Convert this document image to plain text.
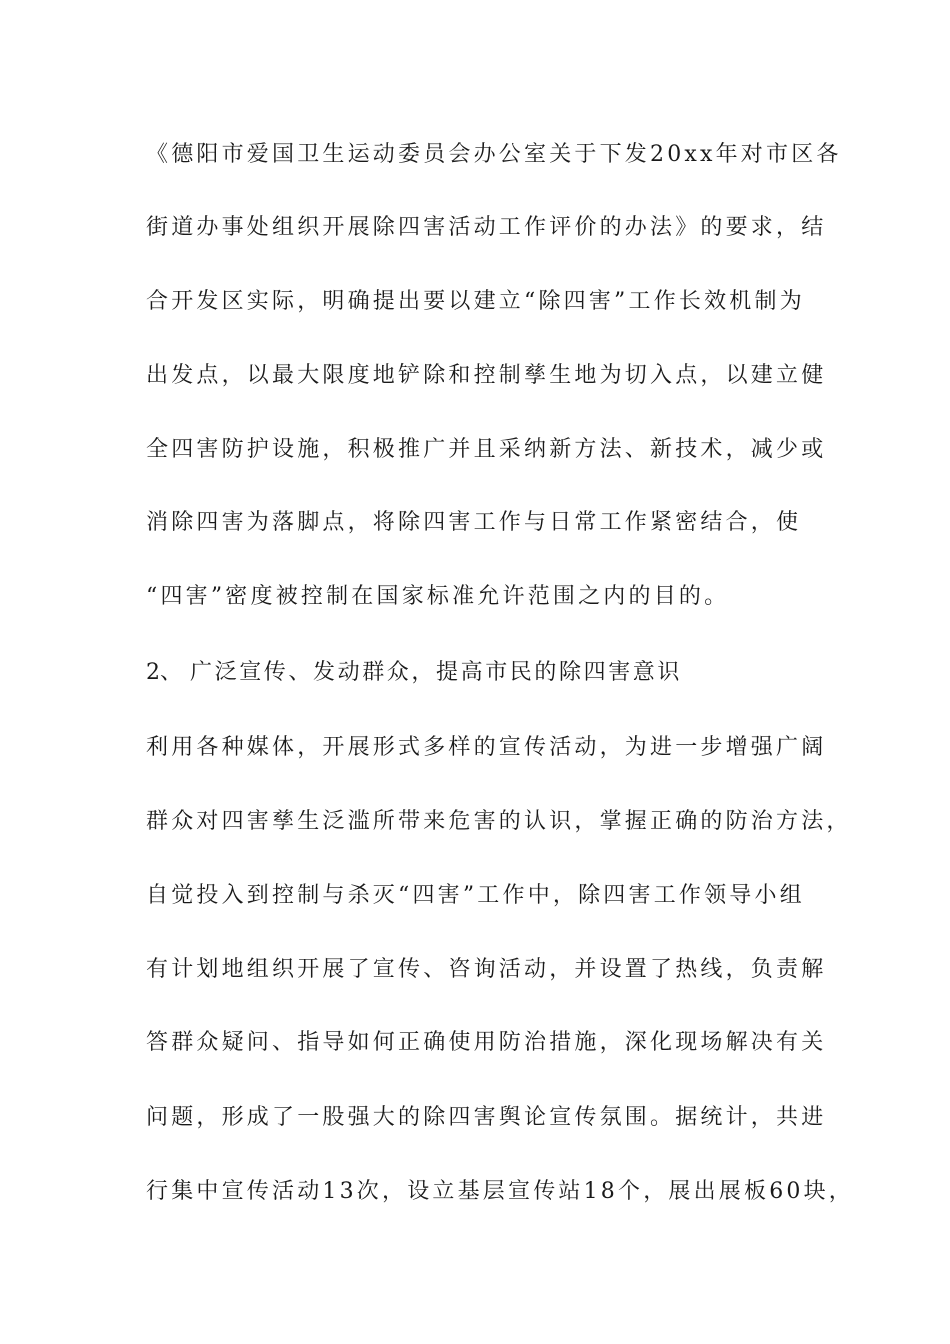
《德阳市爱国卫生运动委员会办公室关于下发20xx年对市区各
街道办事处组织开展除四害活动工作评价的办法》的要求，结
合开发区实际，明确提出要以建立“除四害”工作长效机制为
出发点，以最大限度地铲除和控制孳生地为切入点，以建立健
全四害防护设施，积极推广并且采纳新方法、新技术，减少或
消除四害为落脚点，将除四害工作与日常工作紧密结合，使
“四害”密度被控制在国家标准允许范围之内的目的。
2、 广泛宣传、发动群众，提高市民的除四害意识
利用各种媒体，开展形式多样的宣传活动，为进一步增强广阔
群众对四害孳生泛滥所带来危害的认识，掌握正确的防治方法，
自觉投入到控制与杀灭“四害”工作中，除四害工作领导小组
有计划地组织开展了宣传、咨询活动，并设置了热线，负责解
答群众疑问、指导如何正确使用防治措施，深化现场解决有关
问题，形成了一股强大的除四害舆论宣传氛围。据统计，共进
行集中宣传活动13次，设立基层宣传站18个，展出展板60块，
